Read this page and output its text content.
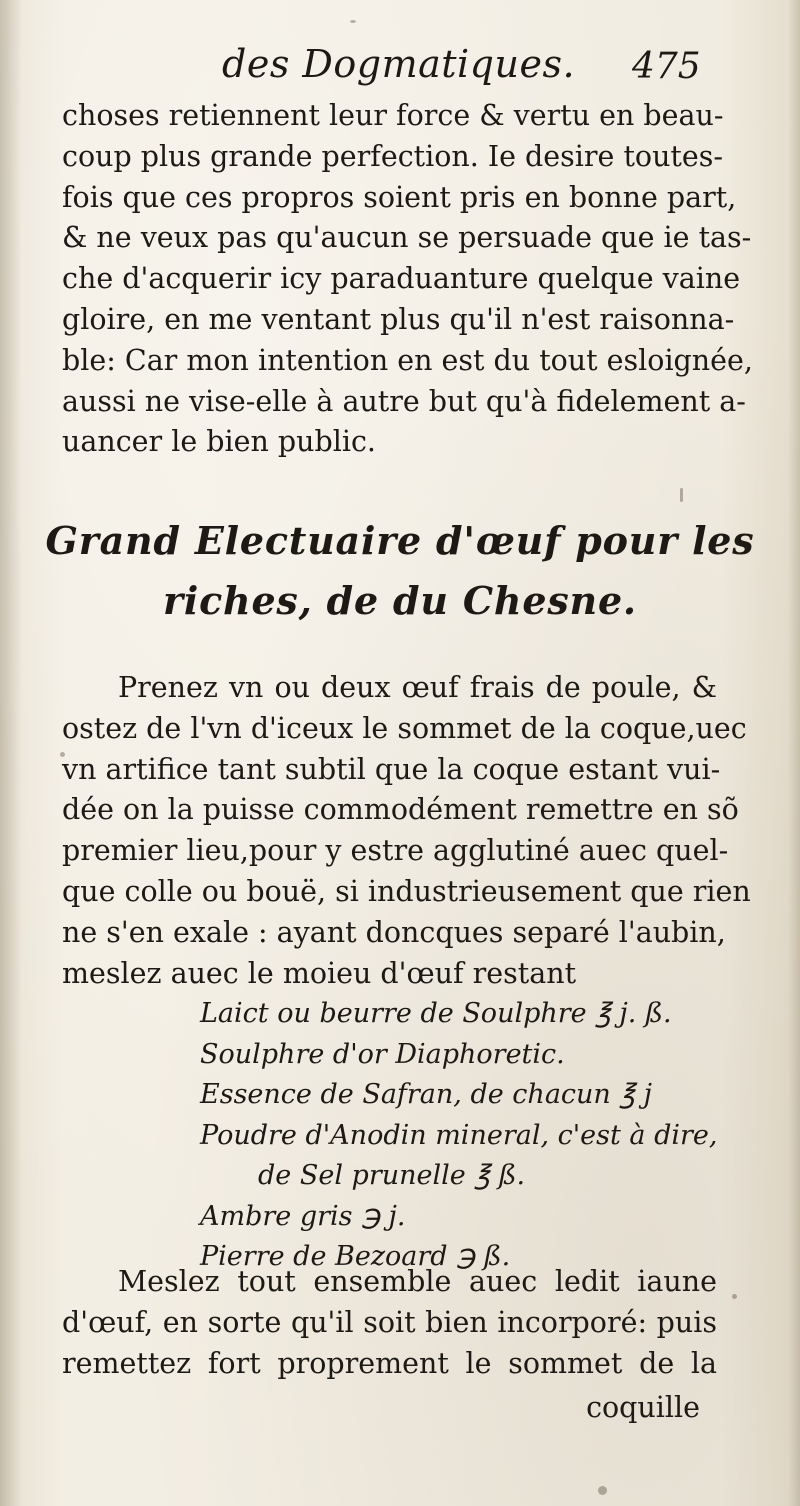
des Dogmatiques. 475
choses retiennent leur force & vertu en beau-
coup plus grande perfection. Ie desire toutes-
fois que ces propros soient pris en bonne part,
& ne veux pas qu'aucun se persuade que ie tas-
che d'acquerir icy paraduanture quelque vaine
gloire, en me ventant plus qu'il n'est raisonna-
ble: Car mon intention en est du tout esloignée,
aussi ne vise-elle à autre but qu'à fidelement a-
uancer le bien public.
Grand Electuaire d'œuf pour les
riches, de du Chesne.
Prenez vn ou deux œuf frais de poule, &
ostez de l'vn d'iceux le sommet de la coque,uec
vn artifice tant subtil que la coque estant vui-
dée on la puisse commodément remettre en sõ
premier lieu,pour y estre agglutiné auec quel-
que colle ou bouë, si industrieusement que rien
ne s'en exale : ayant doncques separé l'aubin,
meslez auec le moieu d'œuf restant
Laict ou beurre de Soulphre ℥ j. ß.
Soulphre d'or Diaphoretic.
Essence de Safran, de chacun ℥ j
Poudre d'Anodin mineral, c'est à dire,
de Sel prunelle ℥ ß.
Ambre gris ℈ j.
Pierre de Bezoard ℈ ß.
Meslez tout ensemble auec ledit iaune
d'œuf, en sorte qu'il soit bien incorporé: puis
remettez fort proprement le sommet de la
coquille
